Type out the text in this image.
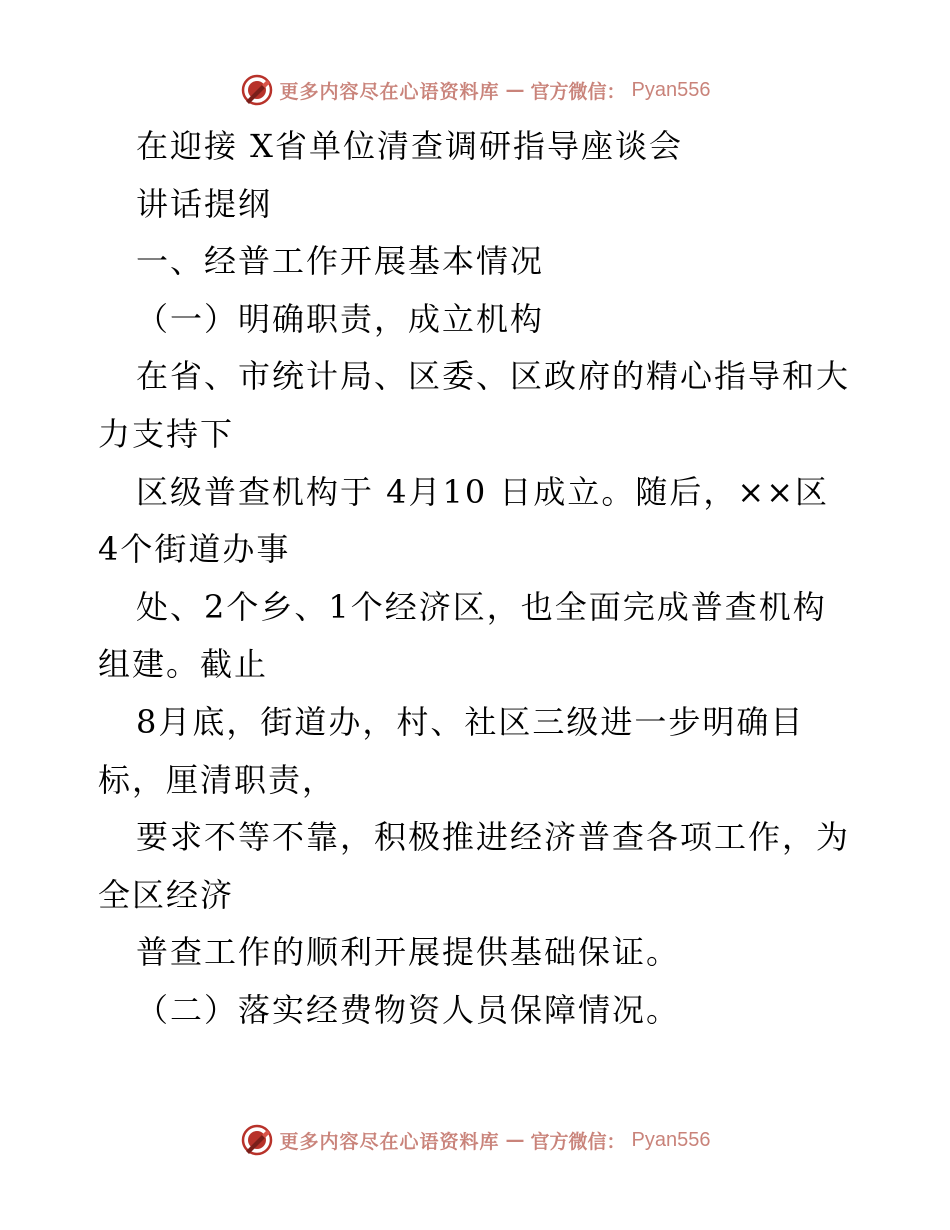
更多内容尽在心语资料库 — 官方微信： Pyan556
在迎接 X省单位清查调研指导座谈会
讲话提纲
一、经普工作开展基本情况
（一）明确职责，成立机构
在省、市统计局、区委、区政府的精心指导和大
力支持下
区级普查机构于 4月10 日成立。随后，××区
4个街道办事
处、2个乡、1个经济区，也全面完成普查机构
组建。截止
8月底，街道办，村、社区三级进一步明确目
标，厘清职责，
要求不等不靠，积极推进经济普查各项工作，为
全区经济
普查工作的顺利开展提供基础保证。
（二）落实经费物资人员保障情况。
更多内容尽在心语资料库 — 官方微信： Pyan556
